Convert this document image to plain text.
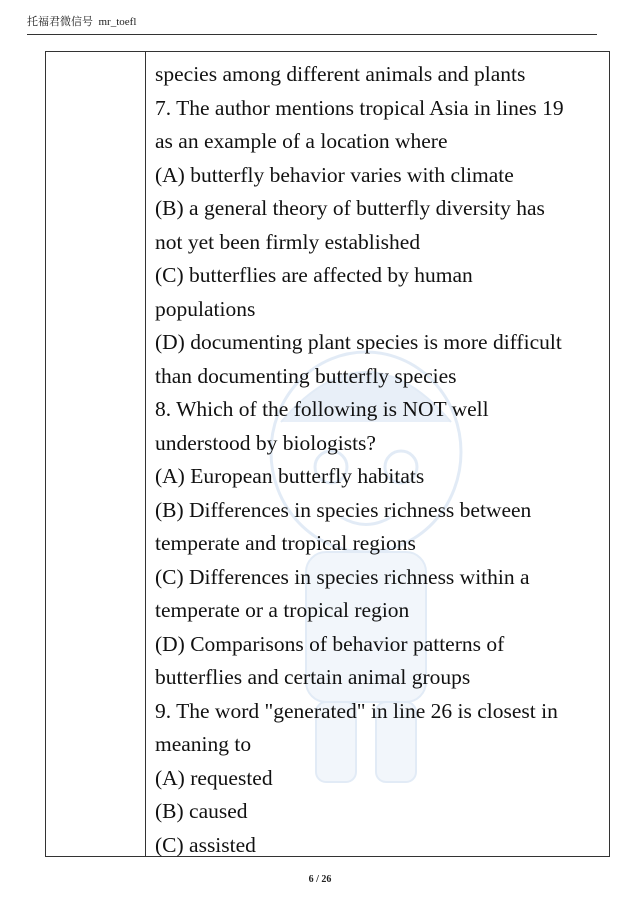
托福君微信号 mr_toefl
species among different animals and plants
7. The author mentions tropical Asia in lines 19
as an example of a location where
(A) butterfly behavior varies with climate
(B) a general theory of butterfly diversity has
not yet been firmly established
(C) butterflies are affected by human
populations
(D) documenting plant species is more difficult
than documenting butterfly species
8. Which of the following is NOT well
understood by biologists?
(A) European butterfly habitats
(B) Differences in species richness between
temperate and tropical regions
(C) Differences in species richness within a
temperate or a tropical region
(D) Comparisons of behavior patterns of
butterflies and certain animal groups
9. The word "generated" in line 26 is closest in
meaning to
(A) requested
(B) caused
(C) assisted
6 / 26
